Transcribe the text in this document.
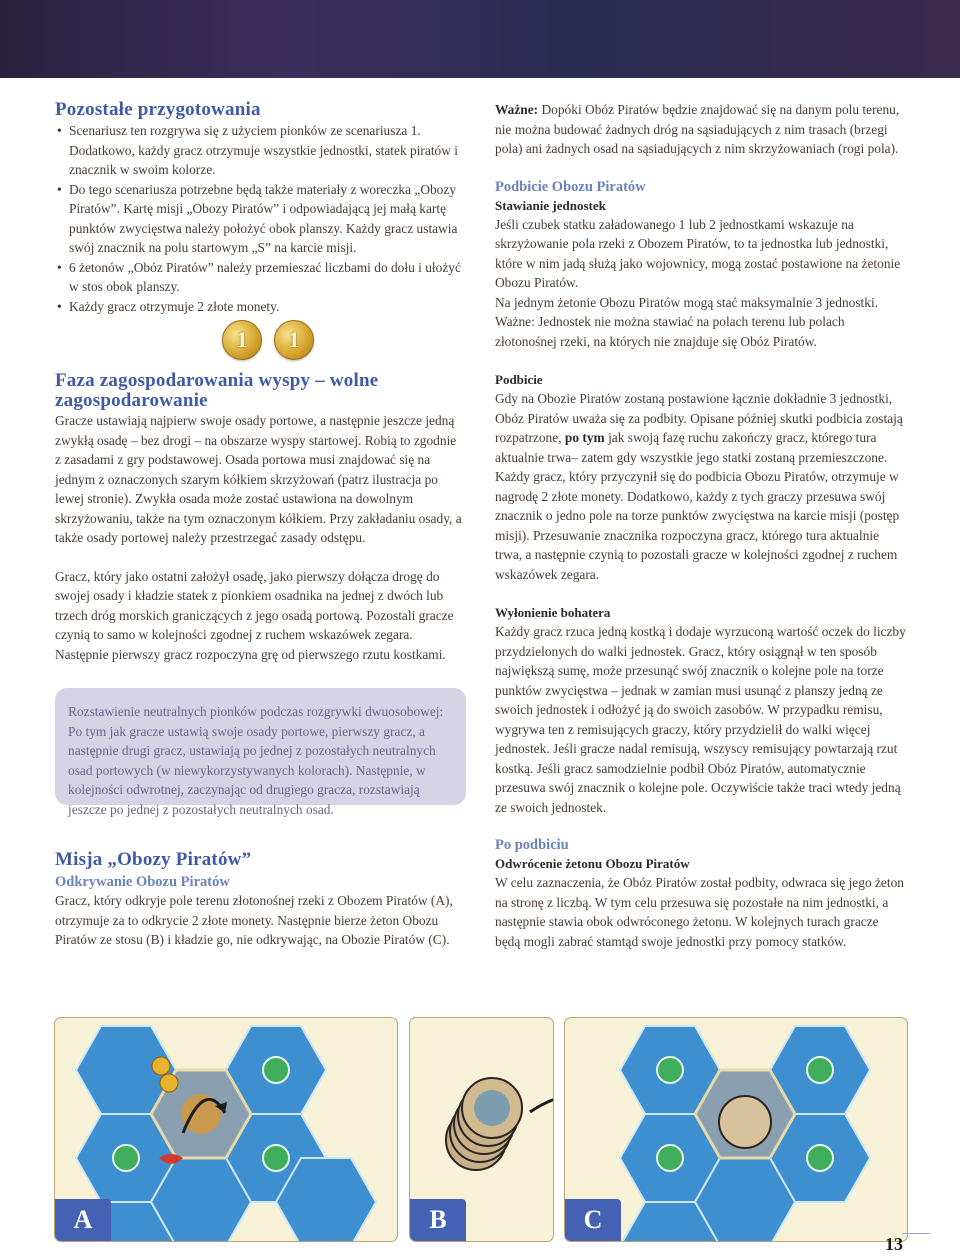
Pozostałe przygotowania
• Scenariusz ten rozgrywa się z użyciem pionków ze scenariusza 1. Dodatkowo, każdy gracz otrzymuje wszystkie jednostki, statek piratów i znacznik w swoim kolorze.
• Do tego scenariusza potrzebne będą także materiały z woreczka „Obozy Piratów”. Kartę misji „Obozy Piratów” i odpowiadającą jej małą kartę punktów zwycięstwa należy położyć obok planszy. Każdy gracz ustawia swój znacznik na polu startowym „S” na karcie misji.
• 6 żetonów „Obóz Piratów” należy przemieszać liczbami do dołu i ułożyć w stos obok planszy.
• Każdy gracz otrzymuje 2 złote monety.
1	1
Faza zagospodarowania wyspy – wolne zagospodarowanie

Gracze ustawiają najpierw swoje osady portowe, a następnie jeszcze jedną zwykłą osadę – bez drogi – na obszarze wyspy startowej. Robią to zgodnie z zasadami z gry podstawowej. Osada portowa musi znajdować się na jednym z oznaczonych szarym kółkiem skrzyżowań (patrz ilustracja po lewej stronie). Zwykła osada może zostać ustawiona na dowolnym skrzyżowaniu, także na tym oznaczonym kółkiem. Przy zakładaniu osady, a także osady portowej należy przestrzegać zasady odstępu.

Gracz, który jako ostatni założył osadę, jako pierwszy dołącza drogę do swojej osady i kładzie statek z pionkiem osadnika na jednej z dwóch lub trzech dróg morskich graniczących z jego osadą portową. Pozostali gracze czynią to samo w kolejności zgodnej z ruchem wskazówek zegara. Następnie pierwszy gracz rozpoczyna grę od pierwszego rzutu kostkami.

Rozstawienie neutralnych pionków podczas rozgrywki dwuosobowej: Po tym jak gracze ustawią swoje osady portowe, pierwszy gracz, a następnie drugi gracz, ustawiają po jednej z pozostałych neutralnych osad portowych (w niewykorzystywanych kolorach). Następnie, w kolejności odwrotnej, zaczynając od drugiego gracza, rozstawiają jeszcze po jednej z pozostałych neutralnych osad.

Misja „Obozy Piratów”
Odkrywanie Obozu Piratów

Gracz, który odkryje pole terenu złotonośnej rzeki z Obozem Piratów (A), otrzymuje za to odkrycie 2 złote monety. Następnie bierze żeton Obozu Piratów ze stosu (B) i kładzie go, nie odkrywając, na Obozie Piratów (C).

Ważne: Dopóki Obóz Piratów będzie znajdować się na danym polu terenu, nie można budować żadnych dróg na sąsiadujących z nim trasach (brzegi pola) ani żadnych osad na sąsiadujących z nim skrzyżowaniach (rogi pola).

Podbicie Obozu Piratów
Stawianie jednostek

Jeśli czubek statku załadowanego 1 lub 2 jednostkami wskazuje na skrzyżowanie pola rzeki z Obozem Piratów, to ta jednostka lub jednostki, które w nim jadą służą jako wojownicy, mogą zostać postawione na żetonie Obozu Piratów.

Na jednym żetonie Obozu Piratów mogą stać maksymalnie 3 jednostki. Ważne: Jednostek nie można stawiać na polach terenu lub polach złotonośnej rzeki, na których nie znajduje się Obóz Piratów.

Podbicie

Gdy na Obozie Piratów zostaną postawione łącznie dokładnie 3 jednostki, Obóz Piratów uważa się za podbity. Opisane później skutki podbicia zostają rozpatrzone, po tym jak swoją fazę ruchu zakończy gracz, którego tura aktualnie trwa– zatem gdy wszystkie jego statki zostaną przemieszczone. Każdy gracz, który przyczynił się do podbicia Obozu Piratów, otrzymuje w nagrodę 2 złote monety. Dodatkowo, każdy z tych graczy przesuwa swój znacznik o jedno pole na torze punktów zwycięstwa na karcie misji (postęp misji). Przesuwanie znacznika rozpoczyna gracz, którego tura aktualnie trwa, a następnie czynią to pozostali gracze w kolejności zgodnej z ruchem wskazówek zegara.

Wyłonienie bohatera

Każdy gracz rzuca jedną kostką i dodaje wyrzuconą wartość oczek do liczby przydzielonych do walki jednostek. Gracz, który osiągnął w ten sposób największą sumę, może przesunąć swój znacznik o kolejne pole na torze punktów zwycięstwa – jednak w zamian musi usunąć z planszy jedną ze swoich jednostek i odłożyć ją do swoich zasobów. W przypadku remisu, wygrywa ten z remisujących graczy, który przydzielił do walki więcej jednostek. Jeśli gracze nadal remisują, wszyscy remisujący powtarzają rzut kostką. Jeśli gracz samodzielnie podbił Obóz Piratów, automatycznie przesuwa swój znacznik o kolejne pole. Oczywiście także traci wtedy jedną ze swoich jednostek.

Po podbiciu
Odwrócenie żetonu Obozu Piratów

W celu zaznaczenia, że Obóz Piratów został podbity, odwraca się jego żeton na stronę z liczbą. W tym celu przesuwa się pozostałe na nim jednostki, a następnie stawia obok odwróconego żetonu. W kolejnych turach gracze będą mogli zabrać stamtąd swoje jednostki przy pomocy statków.

A	B	C
13
